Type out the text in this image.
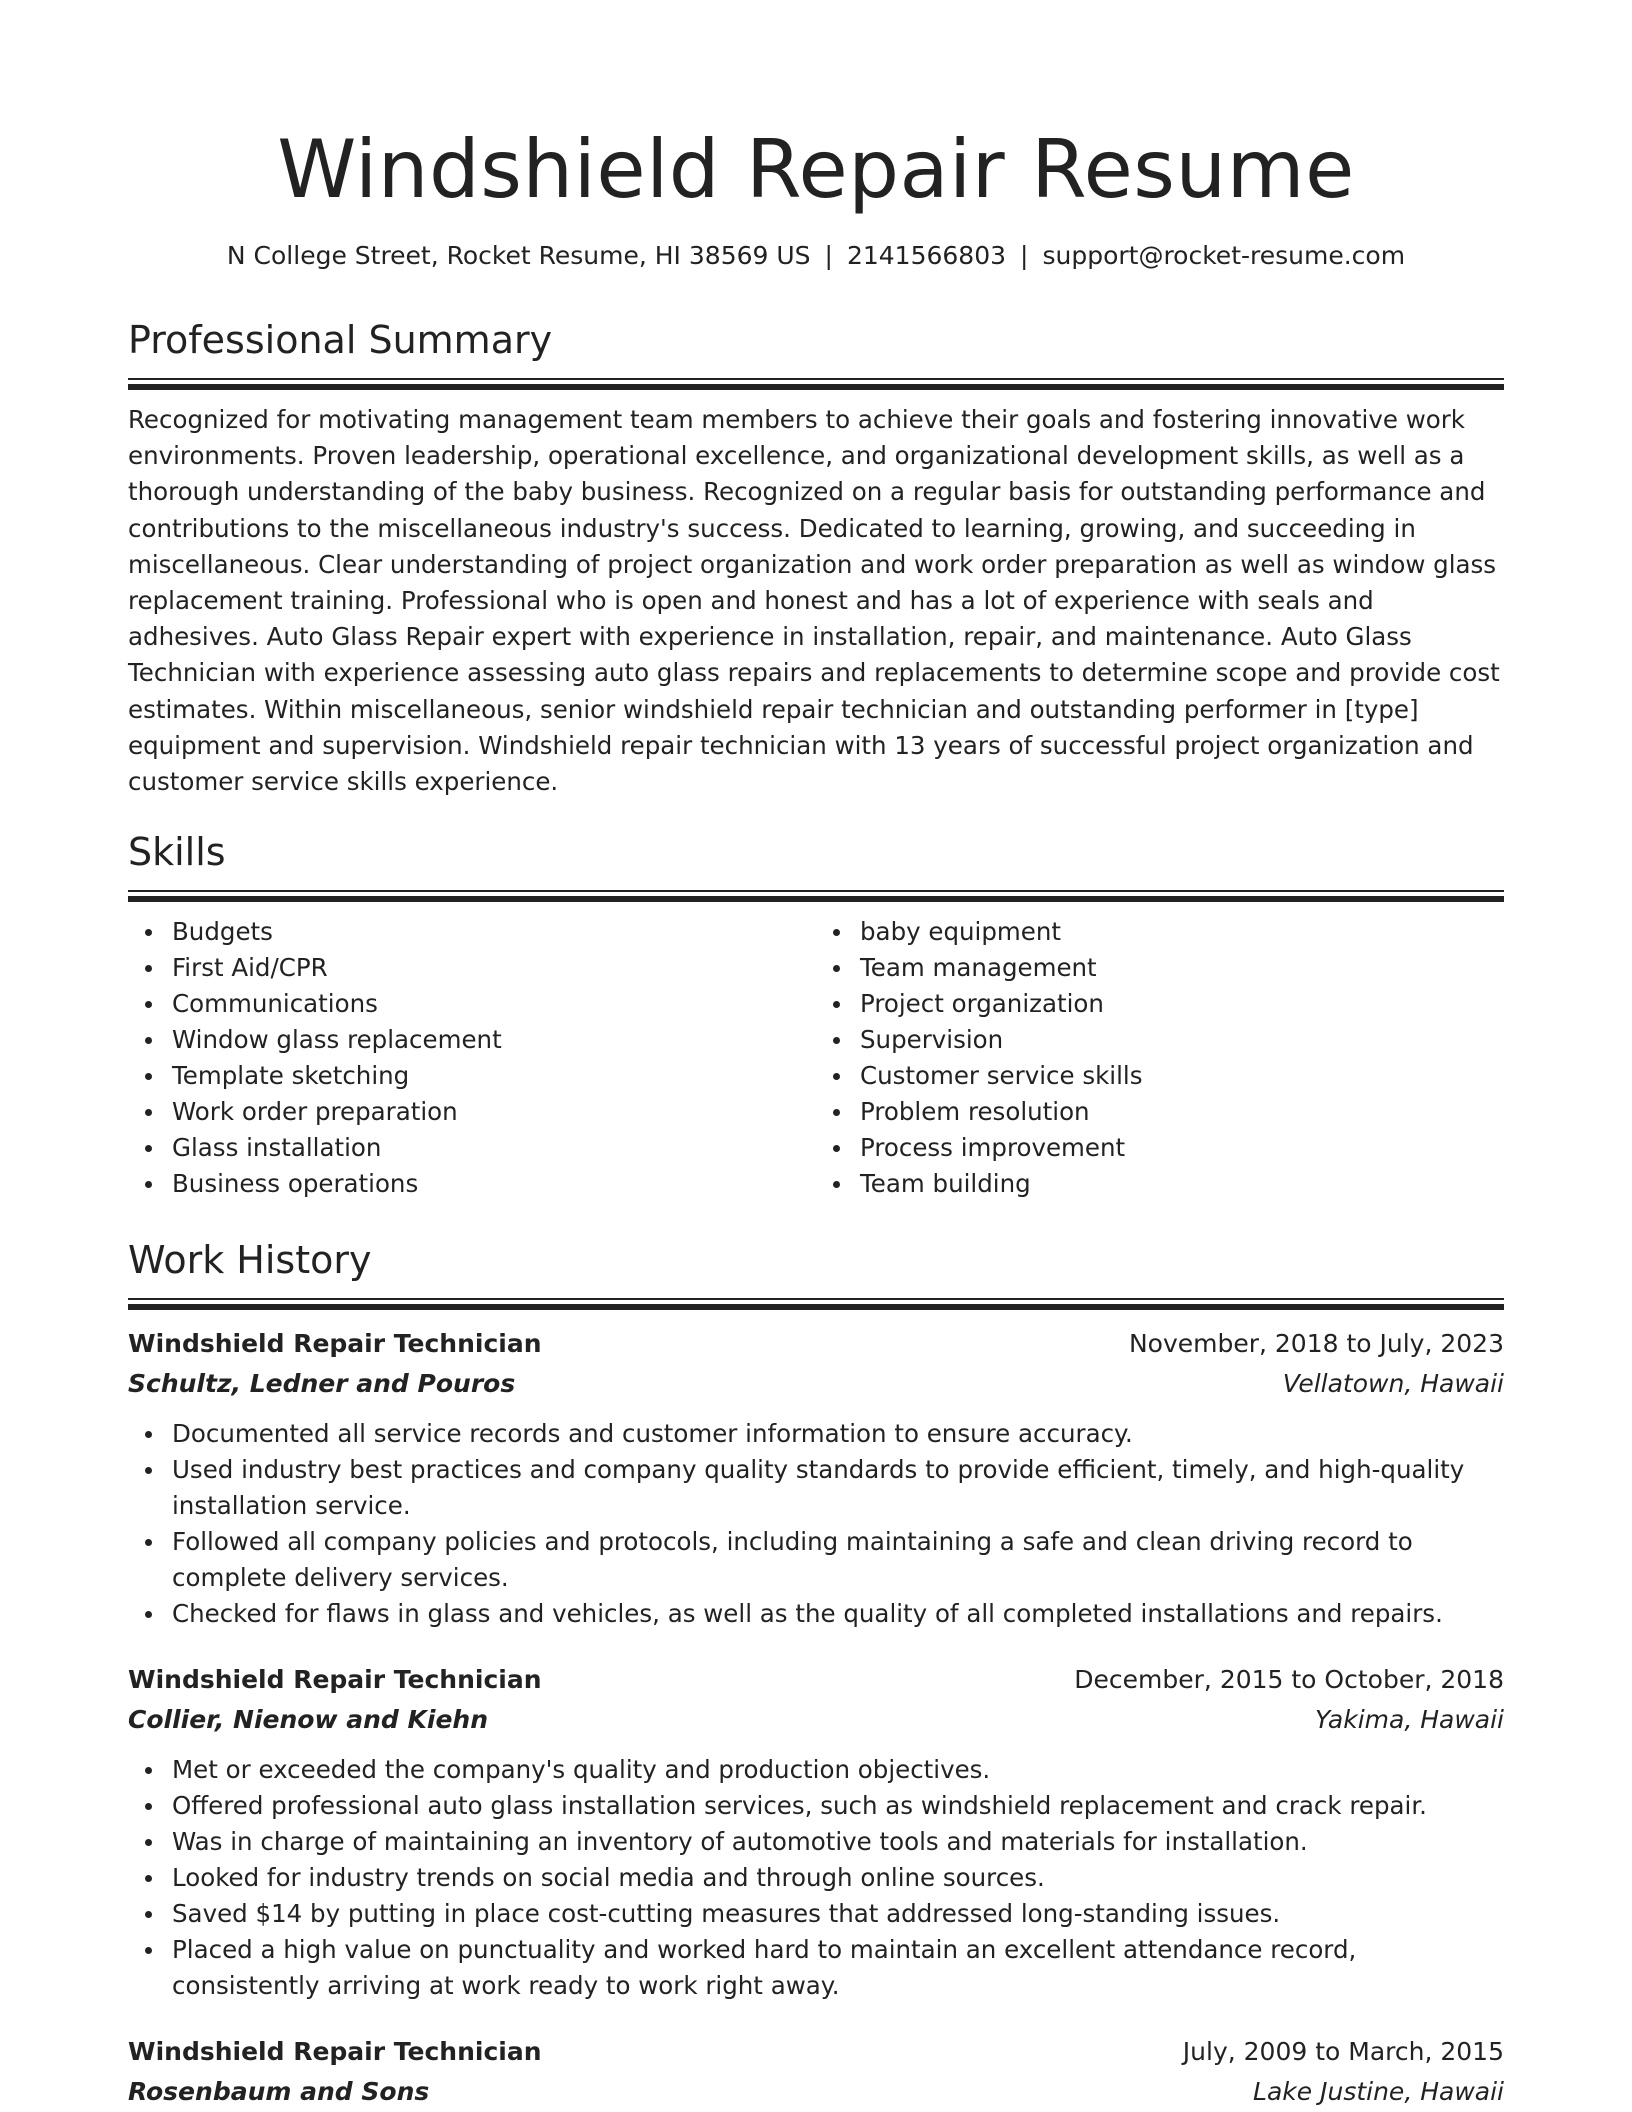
Windshield Repair Resume
N College Street, Rocket Resume, HI 38569 US | 2141566803 | support@rocket-resume.com
Professional Summary

Recognized for motivating management team members to achieve their goals and fostering innovative work environments. Proven leadership, operational excellence, and organizational development skills, as well as a thorough understanding of the baby business. Recognized on a regular basis for outstanding performance and contributions to the miscellaneous industry's success. Dedicated to learning, growing, and succeeding in miscellaneous. Clear understanding of project organization and work order preparation as well as window glass replacement training. Professional who is open and honest and has a lot of experience with seals and adhesives. Auto Glass Repair expert with experience in installation, repair, and maintenance. Auto Glass Technician with experience assessing auto glass repairs and replacements to determine scope and provide cost estimates. Within miscellaneous, senior windshield repair technician and outstanding performer in [type] equipment and supervision. Windshield repair technician with 13 years of successful project organization and customer service skills experience.

Skills
Budgets
First Aid/CPR
Communications
Window glass replacement
Template sketching
Work order preparation
Glass installation
Business operations
baby equipment
Team management
Project organization
Supervision
Customer service skills
Problem resolution
Process improvement
Team building
Work History
Windshield Repair Technician	November, 2018 to July, 2023
Schultz, Ledner and Pouros	Vellatown, Hawaii
Documented all service records and customer information to ensure accuracy.
Used industry best practices and company quality standards to provide efficient, timely, and high-quality installation service.
Followed all company policies and protocols, including maintaining a safe and clean driving record to complete delivery services.
Checked for flaws in glass and vehicles, as well as the quality of all completed installations and repairs.
Windshield Repair Technician	December, 2015 to October, 2018
Collier, Nienow and Kiehn	Yakima, Hawaii
Met or exceeded the company's quality and production objectives.
Offered professional auto glass installation services, such as windshield replacement and crack repair.
Was in charge of maintaining an inventory of automotive tools and materials for installation.
Looked for industry trends on social media and through online sources.
Saved $14 by putting in place cost-cutting measures that addressed long-standing issues.
Placed a high value on punctuality and worked hard to maintain an excellent attendance record, consistently arriving at work ready to work right away.
Windshield Repair Technician	July, 2009 to March, 2015
Rosenbaum and Sons	Lake Justine, Hawaii
